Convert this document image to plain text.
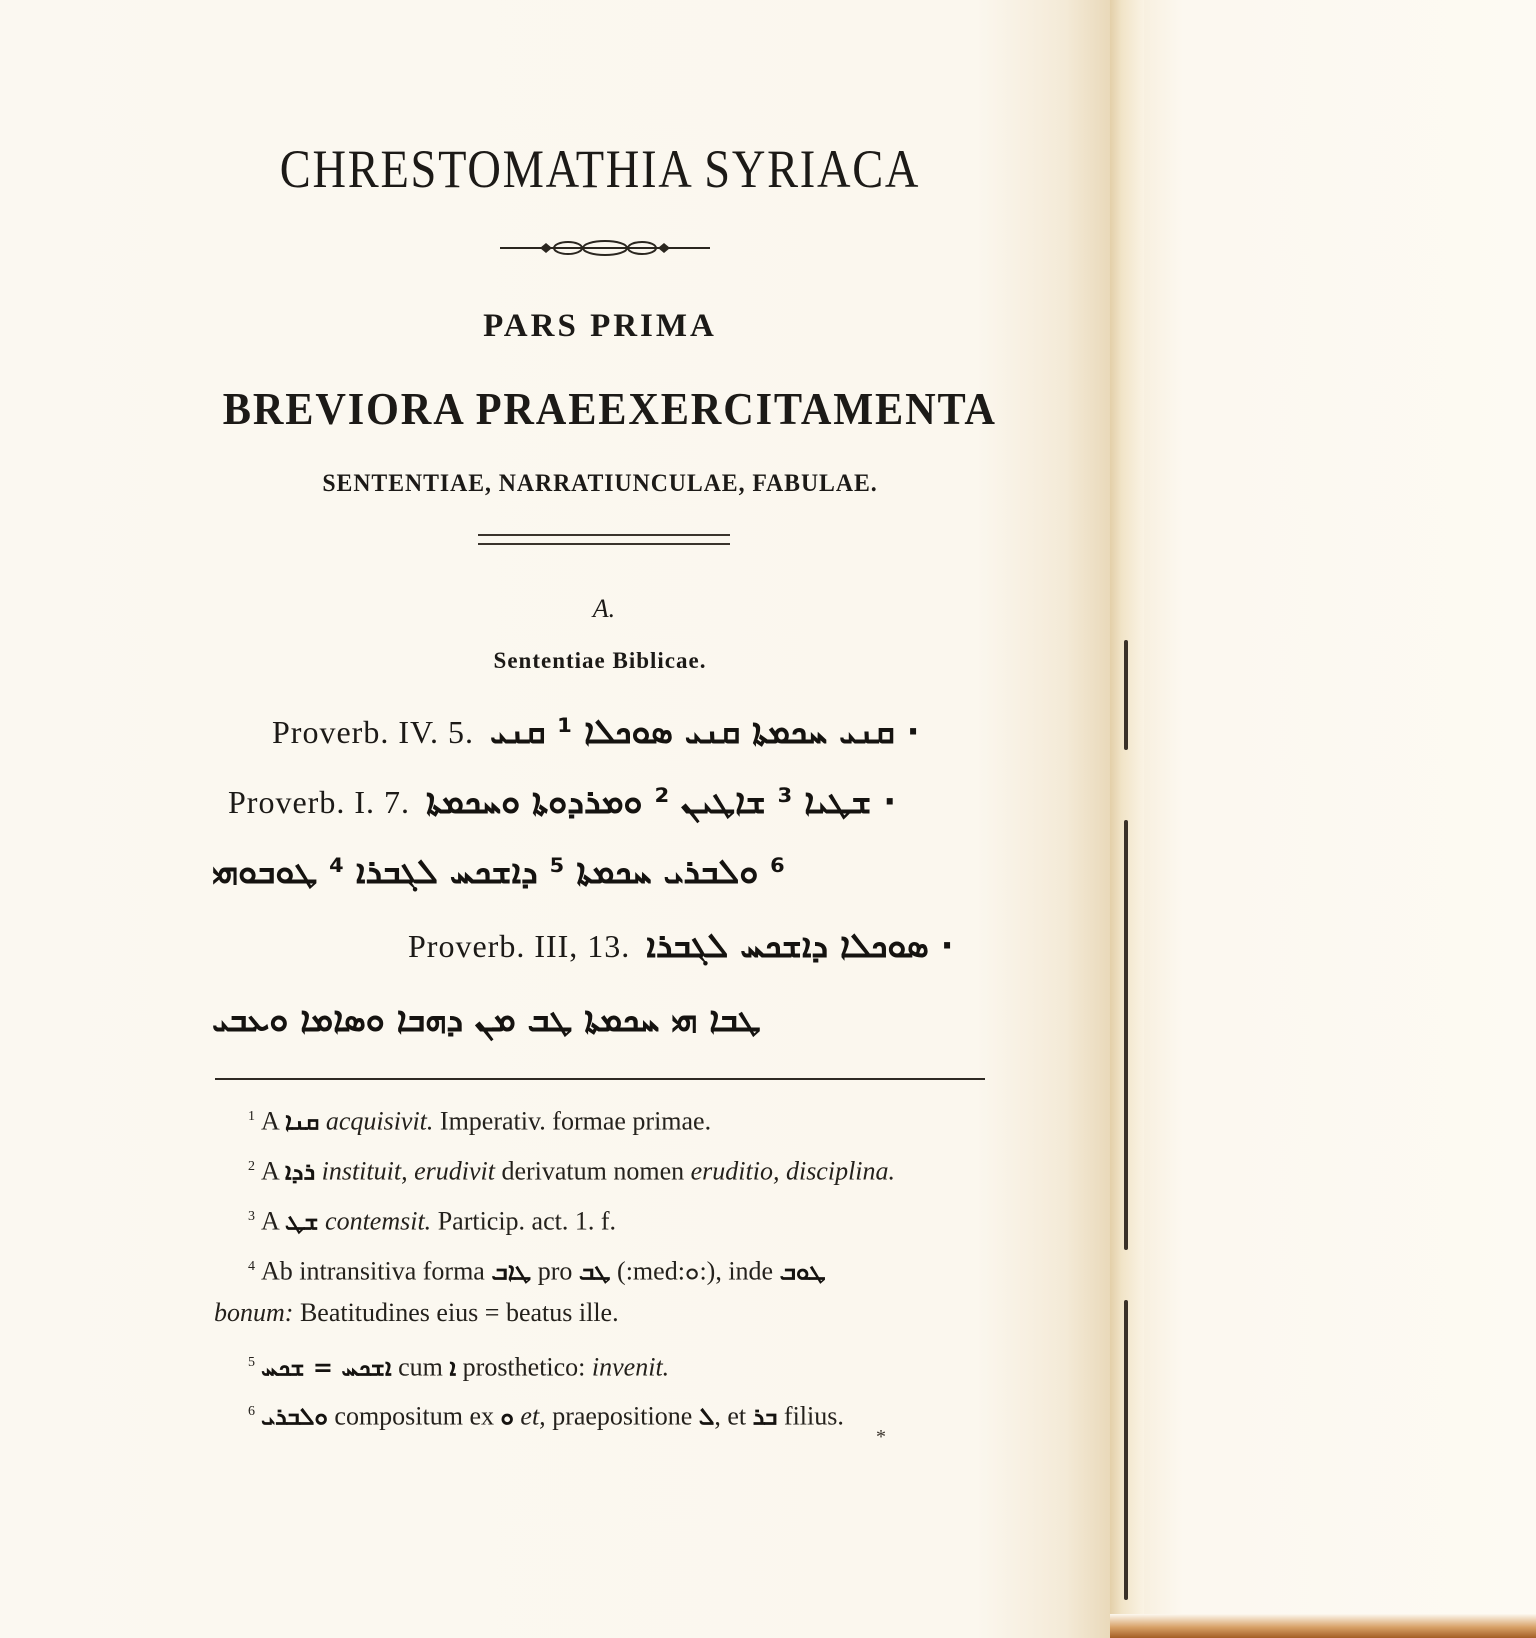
CHRESTOMATHIA SYRIACA
PARS PRIMA
BREVIORA PRAEEXERCITAMENTA
SENTENTIAE, NARRATIUNCULAE, FABULAE.
A.
Sententiae Biblicae.
Proverb. IV. 5. · ܩܢܝ ܚܟܡܬܐ ܩܢܝ ܣܘܟܠܐ ¹ ܩܢܝ
Proverb. I. 7. · ܫܛܝܐ ³ ܫܐܛܝܢ ² ܘܡܪܕܘܬܐ ܘܚܟܡܬܐ
⁶ ܘܠܒܪܝ ܚܟܡܬܐ ⁵ ܕܐܫܟܚ ܠܓܒܪܐ ⁴ ܛܘܒܘܗܝ
Proverb. III, 13. · ܣܘܟܠܐ ܕܐܫܟܚ ܠܓܒܪܐ
ܛܒܐ ܗܝ ܚܟܡܬܐ ܛܒ ܡܢ ܕܗܒܐ ܘܣܐܡܐ ܘܥܒܝ
$^1$ A ܩܢܐ acquisivit. Imperativ. formae primae.
$^2$ A ܪܕܐ instituit, erudivit derivatum nomen eruditio, disciplina.
$^3$ A ܫܛ contemsit. Particip. act. 1. f.
$^4$ Ab intransitiva forma ܛܐܒ pro ܛܒ (:med:ܘ:), inde ܛܘܒ
bonum: Beatitudines eius = beatus ille.
$^5$ ܐܫܟܚ = ܫܟܚ cum ܐ prosthetico: invenit.
$^6$ ܘܠܒܪܝ compositum ex ܘ et, praepositione ܠ, et ܒܪ filius.
*
